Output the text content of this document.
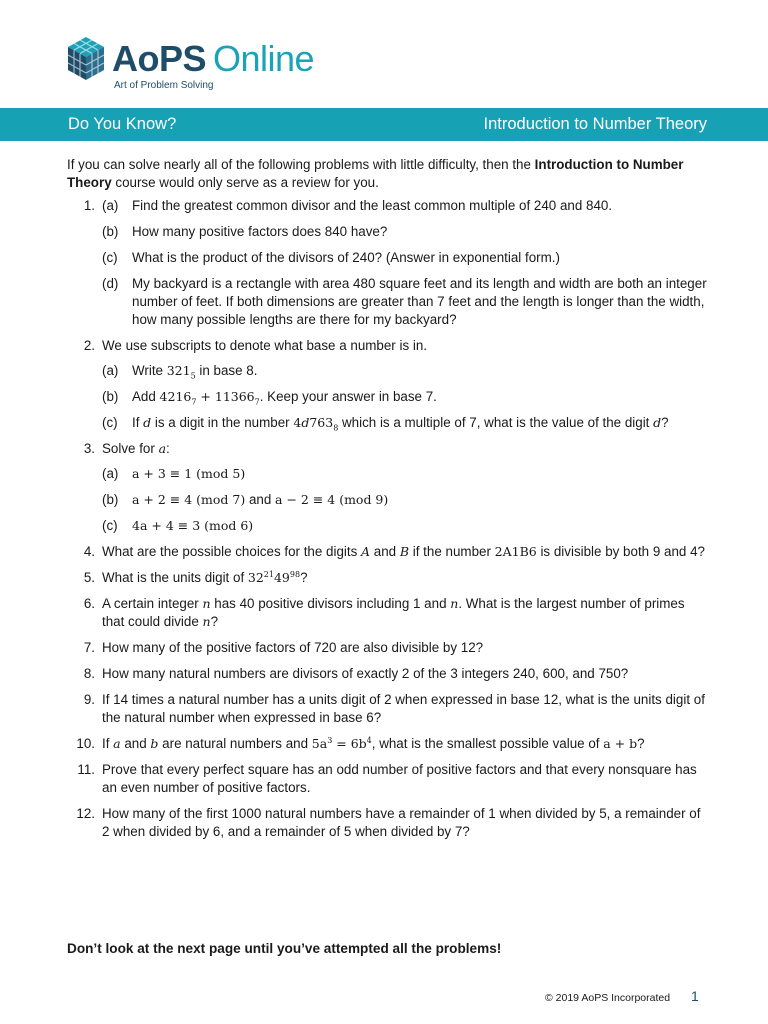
AoPS Online
Art of Problem Solving
Do You Know?	Introduction to Number Theory

If you can solve nearly all of the following problems with little difficulty, then the Introduction to Number Theory course would only serve as a review for you.

1. (a) Find the greatest common divisor and the least common multiple of 240 and 840.
(b) How many positive factors does 840 have?
(c) What is the product of the divisors of 240? (Answer in exponential form.)
(d) My backyard is a rectangle with area 480 square feet and its length and width are both an integer number of feet. If both dimensions are greater than 7 feet and the length is longer than the width, how many possible lengths are there for my backyard?
2. We use subscripts to denote what base a number is in.
(a) Write $321_5$ in base 8.
(b) Add $4216_7 + 11366_7$. Keep your answer in base 7.
(c) If d is a digit in the number $4d763_8$ which is a multiple of 7, what is the value of the digit d?
3. Solve for a:
(a) a + 3 ≡ 1 (mod 5)
(b) a + 2 ≡ 4 (mod 7) and a − 2 ≡ 4 (mod 9)
(c) 4a + 4 ≡ 3 (mod 6)
4. What are the possible choices for the digits A and B if the number 2A1B6 is divisible by both 9 and 4?
5. What is the units digit of $32^{21}49^{98}$?
6. A certain integer n has 40 positive divisors including 1 and n. What is the largest number of primes that could divide n?
7. How many of the positive factors of 720 are also divisible by 12?
8. How many natural numbers are divisors of exactly 2 of the 3 integers 240, 600, and 750?
9. If 14 times a natural number has a units digit of 2 when expressed in base 12, what is the units digit of the natural number when expressed in base 6?
10. If a and b are natural numbers and $5a^3 = 6b^4$, what is the smallest possible value of a + b?
11. Prove that every perfect square has an odd number of positive factors and that every nonsquare has an even number of positive factors.
12. How many of the first 1000 natural numbers have a remainder of 1 when divided by 5, a remainder of 2 when divided by 6, and a remainder of 5 when divided by 7?
Don’t look at the next page until you’ve attempted all the problems!
© 2019 AoPS Incorporated 1
